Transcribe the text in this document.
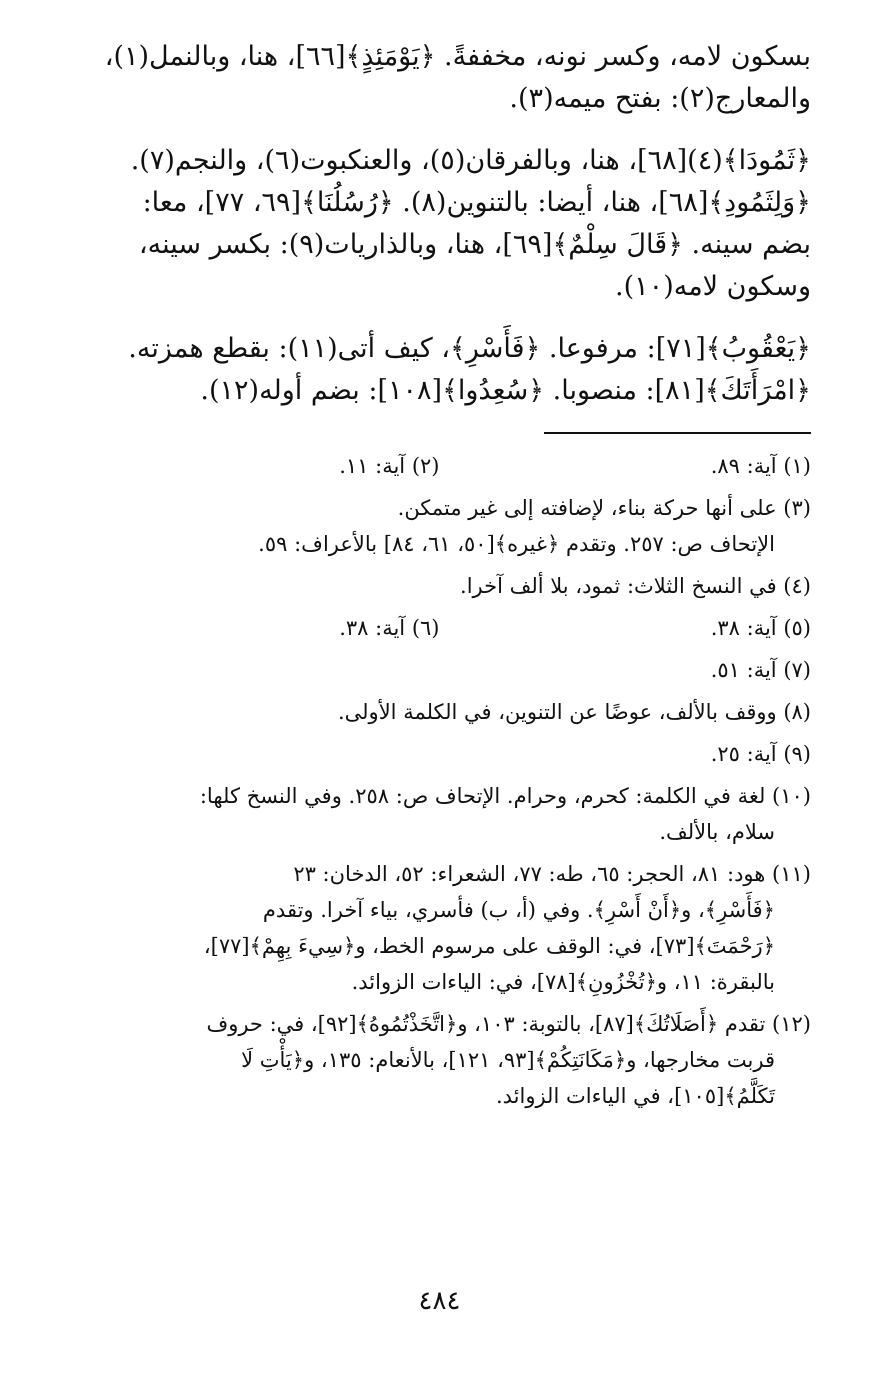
بسكون لامه، وكسر نونه، مخففةً. ﴿يَوْمَئِذٍ﴾[٦٦]، هنا، وبالنمل(١)،
والمعارج(٢): بفتح ميمه(٣).

﴿ثَمُودَا﴾(٤)[٦٨]، هنا، وبالفرقان(٥)، والعنكبوت(٦)، والنجم(٧).
﴿وَلِثَمُودِ﴾[٦٨]، هنا، أيضا: بالتنوين(٨). ﴿رُسُلُنَا﴾[٦٩، ٧٧]، معا:
بضم سينه. ﴿قَالَ سِلْمٌ﴾[٦٩]، هنا، وبالذاريات(٩): بكسر سينه،
وسكون لامه(١٠).

﴿يَعْقُوبُ﴾[٧١]: مرفوعا. ﴿فَأَسْرِ﴾، كيف أتى(١١): بقطع همزته.
﴿امْرَأَتَكَ﴾[٨١]: منصوبا. ﴿سُعِدُوا﴾[١٠٨]: بضم أوله(١٢).

(١) آية: ٨٩.
(٢) آية: ١١.
(٣) على أنها حركة بناء، لإضافته إلى غير متمكن.
الإتحاف ص: ٢٥٧. وتقدم ﴿غيره﴾[٥٠، ٦١، ٨٤] بالأعراف: ٥٩.
(٤) في النسخ الثلاث: ثمود، بلا ألف آخرا.
(٥) آية: ٣٨.
(٦) آية: ٣٨.
(٧) آية: ٥١.
(٨) ووقف بالألف، عوضًا عن التنوين، في الكلمة الأولى.
(٩) آية: ٢٥.
(١٠) لغة في الكلمة: كحرم، وحرام. الإتحاف ص: ٢٥٨. وفي النسخ كلها:
سلام، بالألف.
(١١) هود: ٨١، الحجر: ٦٥، طه: ٧٧، الشعراء: ٥٢، الدخان: ٢٣
﴿فَأَسْرِ﴾، و﴿أَنْ أَسْرِ﴾. وفي (أ، ب) فأسري، بياء آخرا. وتقدم
﴿رَحْمَتَ﴾[٧٣]، في: الوقف على مرسوم الخط، و﴿سِيءَ بِهِمْ﴾[٧٧]،
بالبقرة: ١١، و﴿تُخْزُونِ﴾[٧٨]، في: الياءات الزوائد.
(١٢) تقدم ﴿أَصَلَاتُكَ﴾[٨٧]، بالتوبة: ١٠٣، و﴿اتَّخَذْتُمُوهُ﴾[٩٢]، في: حروف
قربت مخارجها، و﴿مَكَانَتِكُمْ﴾[٩٣، ١٢١]، بالأنعام: ١٣٥، و﴿يَأْتِ لَا
تَكَلَّمُ﴾[١٠٥]، في الياءات الزوائد.
٤٨٤
